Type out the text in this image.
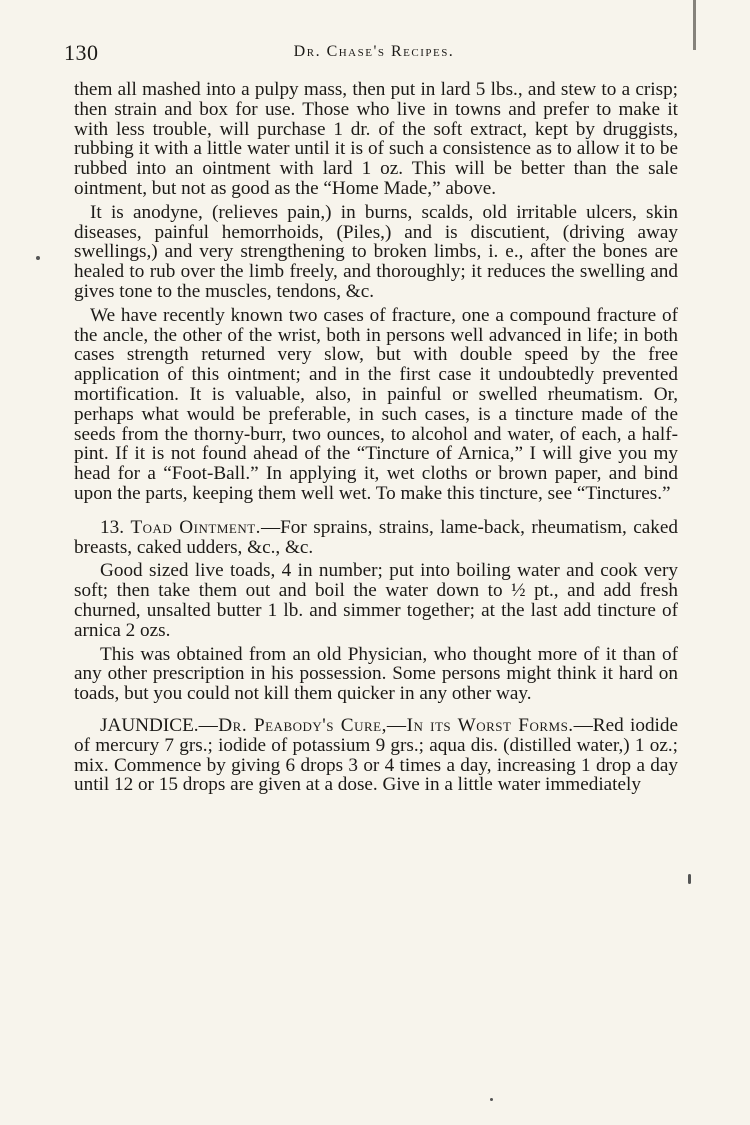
130	Dr. Chase's Recipes.

them all mashed into a pulpy mass, then put in lard 5 lbs., and stew to a crisp; then strain and box for use. Those who live in towns and prefer to make it with less trouble, will purchase 1 dr. of the soft extract, kept by druggists, rubbing it with a little water until it is of such a consistence as to allow it to be rubbed into an ointment with lard 1 oz. This will be better than the sale ointment, but not as good as the “Home Made,” above.

It is anodyne, (relieves pain,) in burns, scalds, old irritable ulcers, skin diseases, painful hemorrhoids, (Piles,) and is discutient, (driving away swellings,) and very strengthening to broken limbs, i. e., after the bones are healed to rub over the limb freely, and thoroughly; it reduces the swelling and gives tone to the muscles, tendons, &c.

We have recently known two cases of fracture, one a compound fracture of the ancle, the other of the wrist, both in persons well advanced in life; in both cases strength returned very slow, but with double speed by the free application of this ointment; and in the first case it undoubtedly prevented mortification. It is valuable, also, in painful or swelled rheumatism. Or, perhaps what would be preferable, in such cases, is a tincture made of the seeds from the thorny-burr, two ounces, to alcohol and water, of each, a half-pint. If it is not found ahead of the “Tincture of Arnica,” I will give you my head for a “Foot-Ball.” In applying it, wet cloths or brown paper, and bind upon the parts, keeping them well wet. To make this tincture, see “Tinctures.”

13. Toad Ointment.—For sprains, strains, lame-back, rheumatism, caked breasts, caked udders, &c., &c.

Good sized live toads, 4 in number; put into boiling water and cook very soft; then take them out and boil the water down to ½ pt., and add fresh churned, unsalted butter 1 lb. and simmer together; at the last add tincture of arnica 2 ozs.

This was obtained from an old Physician, who thought more of it than of any other prescription in his possession. Some persons might think it hard on toads, but you could not kill them quicker in any other way.

JAUNDICE.—Dr. Peabody's Cure,—In its Worst Forms.—Red iodide of mercury 7 grs.; iodide of potassium 9 grs.; aqua dis. (distilled water,) 1 oz.; mix. Commence by giving 6 drops 3 or 4 times a day, increasing 1 drop a day until 12 or 15 drops are given at a dose. Give in a little water immediately
